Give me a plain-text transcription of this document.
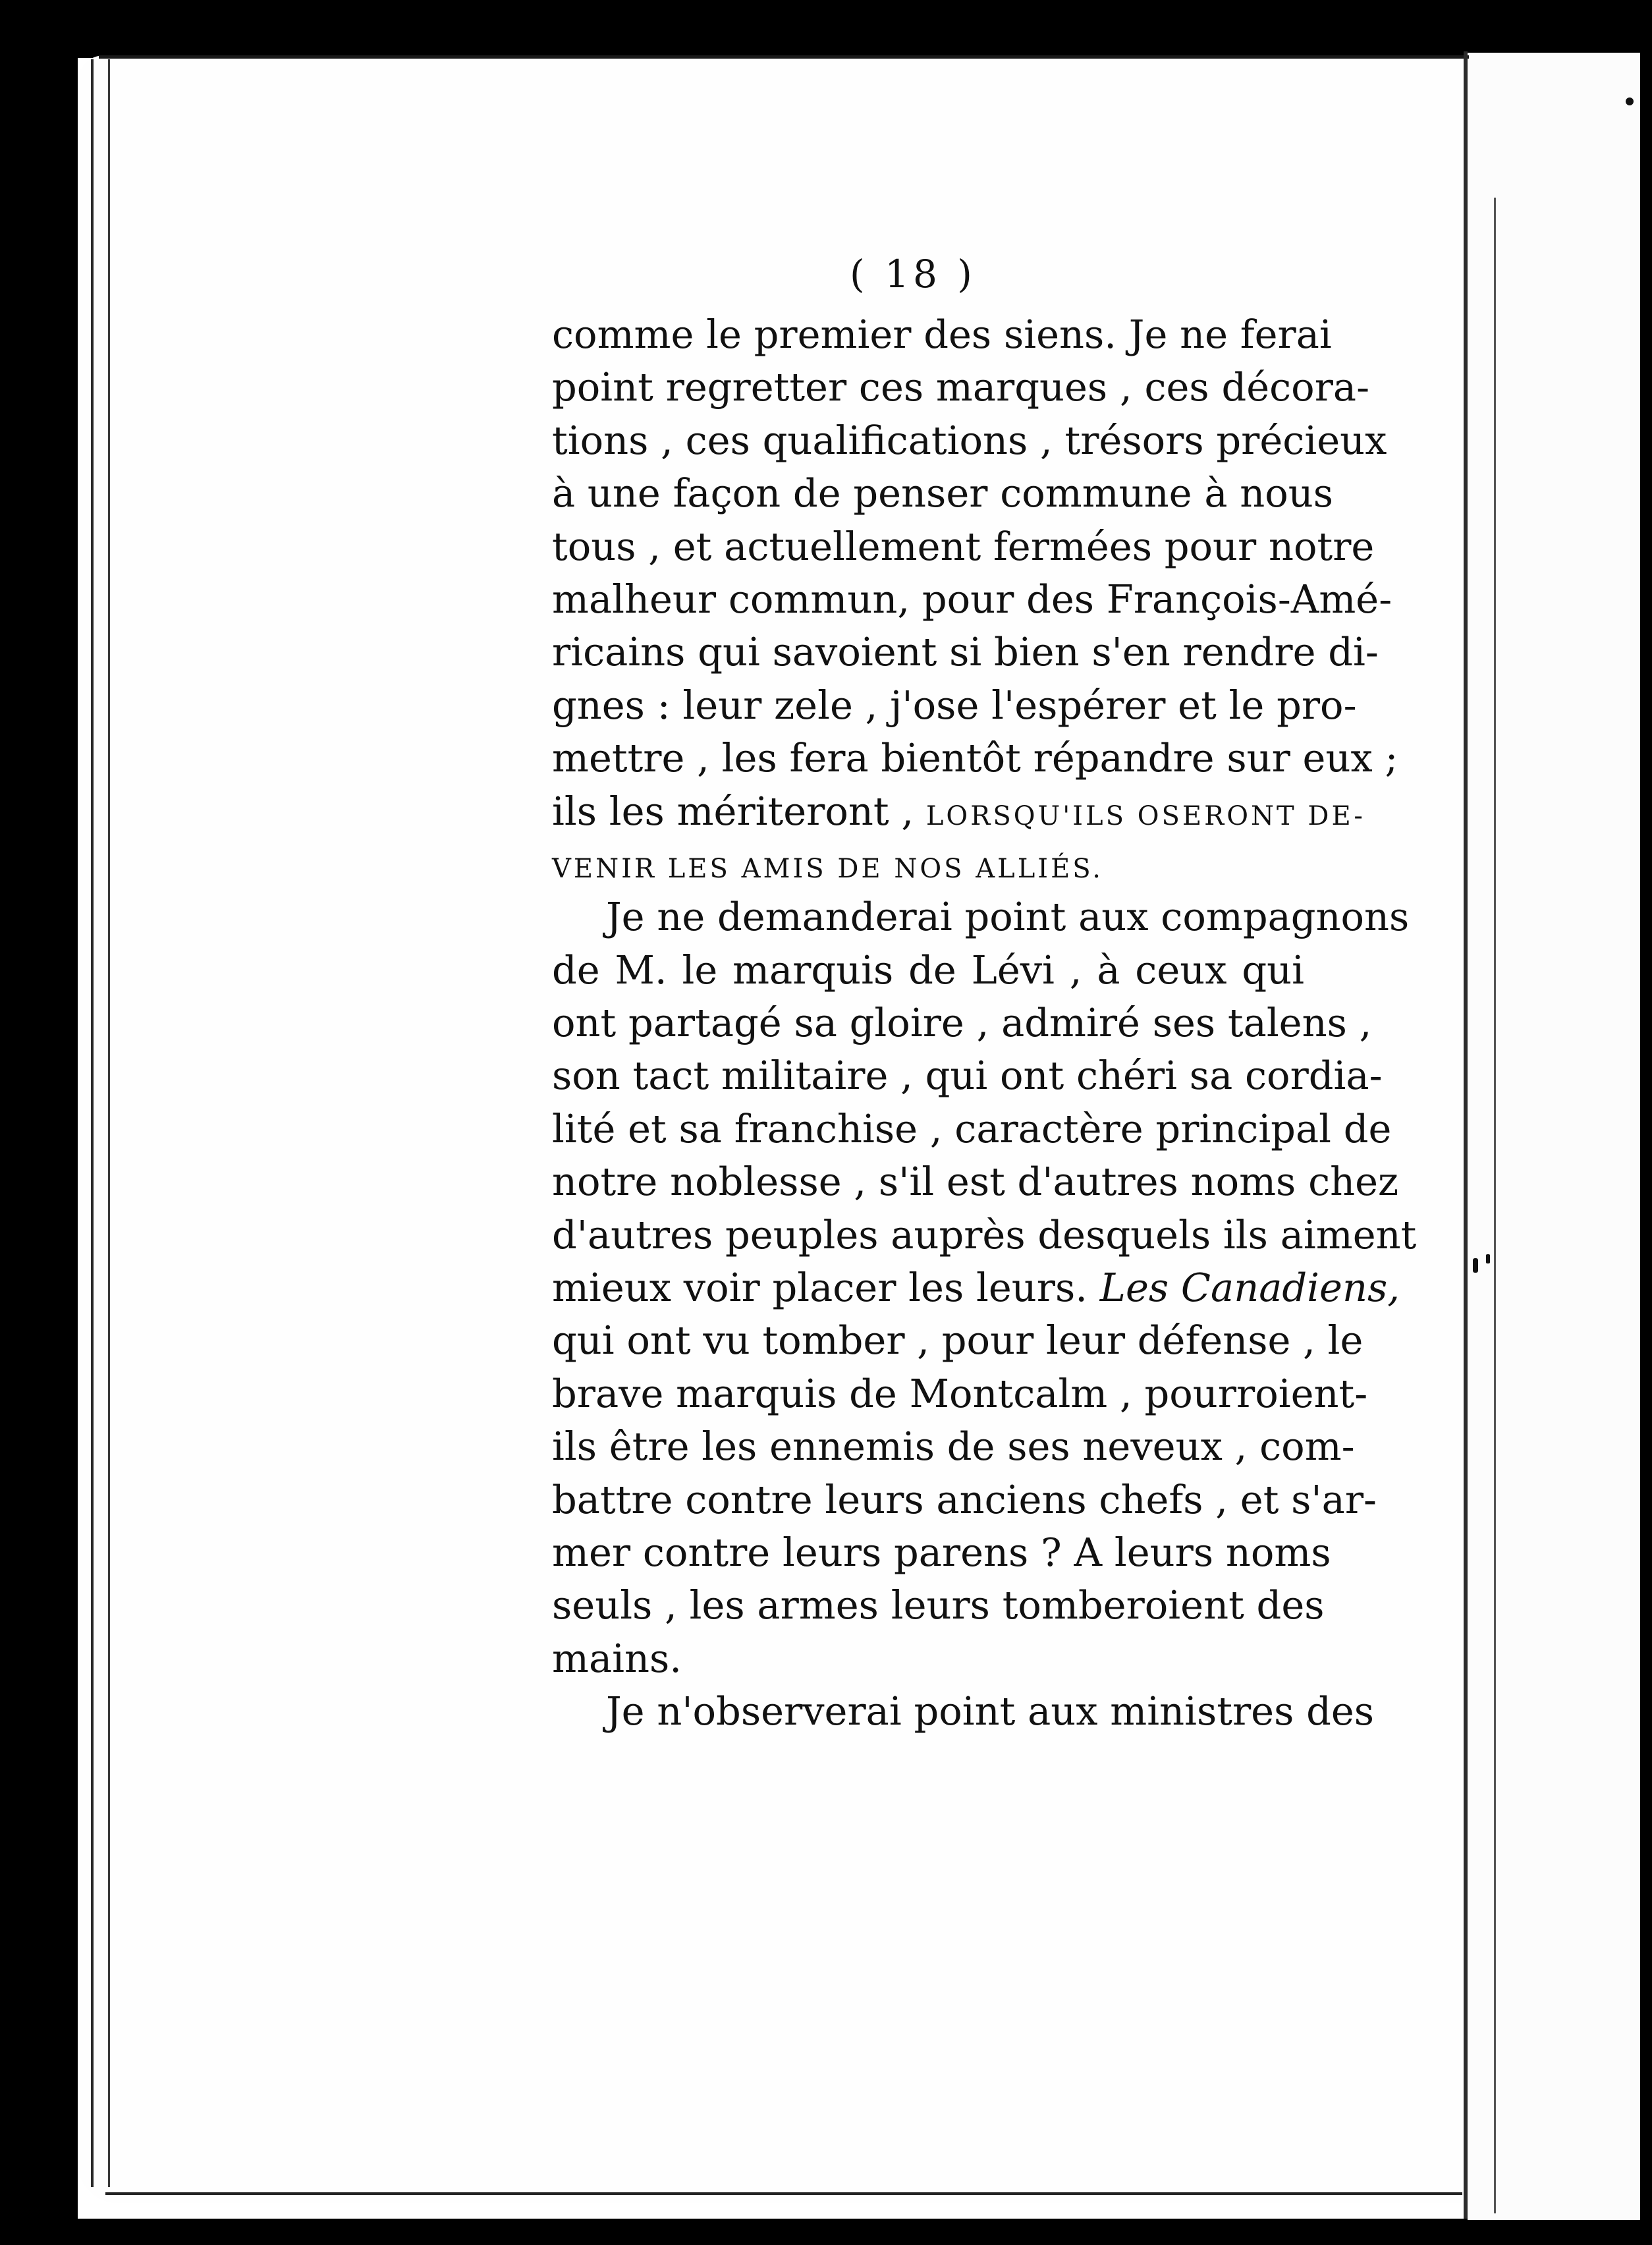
( 18 )
comme le premier des siens. Je ne ferai
point regretter ces marques , ces décora-
tions , ces qualifications , trésors précieux
à une façon de penser commune à nous
tous , et actuellement fermées pour notre
malheur commun, pour des François-Amé-
ricains qui savoient si bien s'en rendre di-
gnes : leur zele , j'ose l'espérer et le pro-
mettre , les fera bientôt répandre sur eux ;
ils les mériteront , LORSQU'ILS OSERONT DE-
VENIR LES AMIS DE NOS ALLIÉS.
Je ne demanderai point aux compagnons
de M. le marquis de Lévi , à ceux qui
ont partagé sa gloire , admiré ses talens ,
son tact militaire , qui ont chéri sa cordia-
lité et sa franchise , caractère principal de
notre noblesse , s'il est d'autres noms chez
d'autres peuples auprès desquels ils aiment
mieux voir placer les leurs. Les Canadiens,
qui ont vu tomber , pour leur défense , le
brave marquis de Montcalm , pourroient-
ils être les ennemis de ses neveux , com-
battre contre leurs anciens chefs , et s'ar-
mer contre leurs parens ? A leurs noms
seuls , les armes leurs tomberoient des
mains.
Je n'observerai point aux ministres des
